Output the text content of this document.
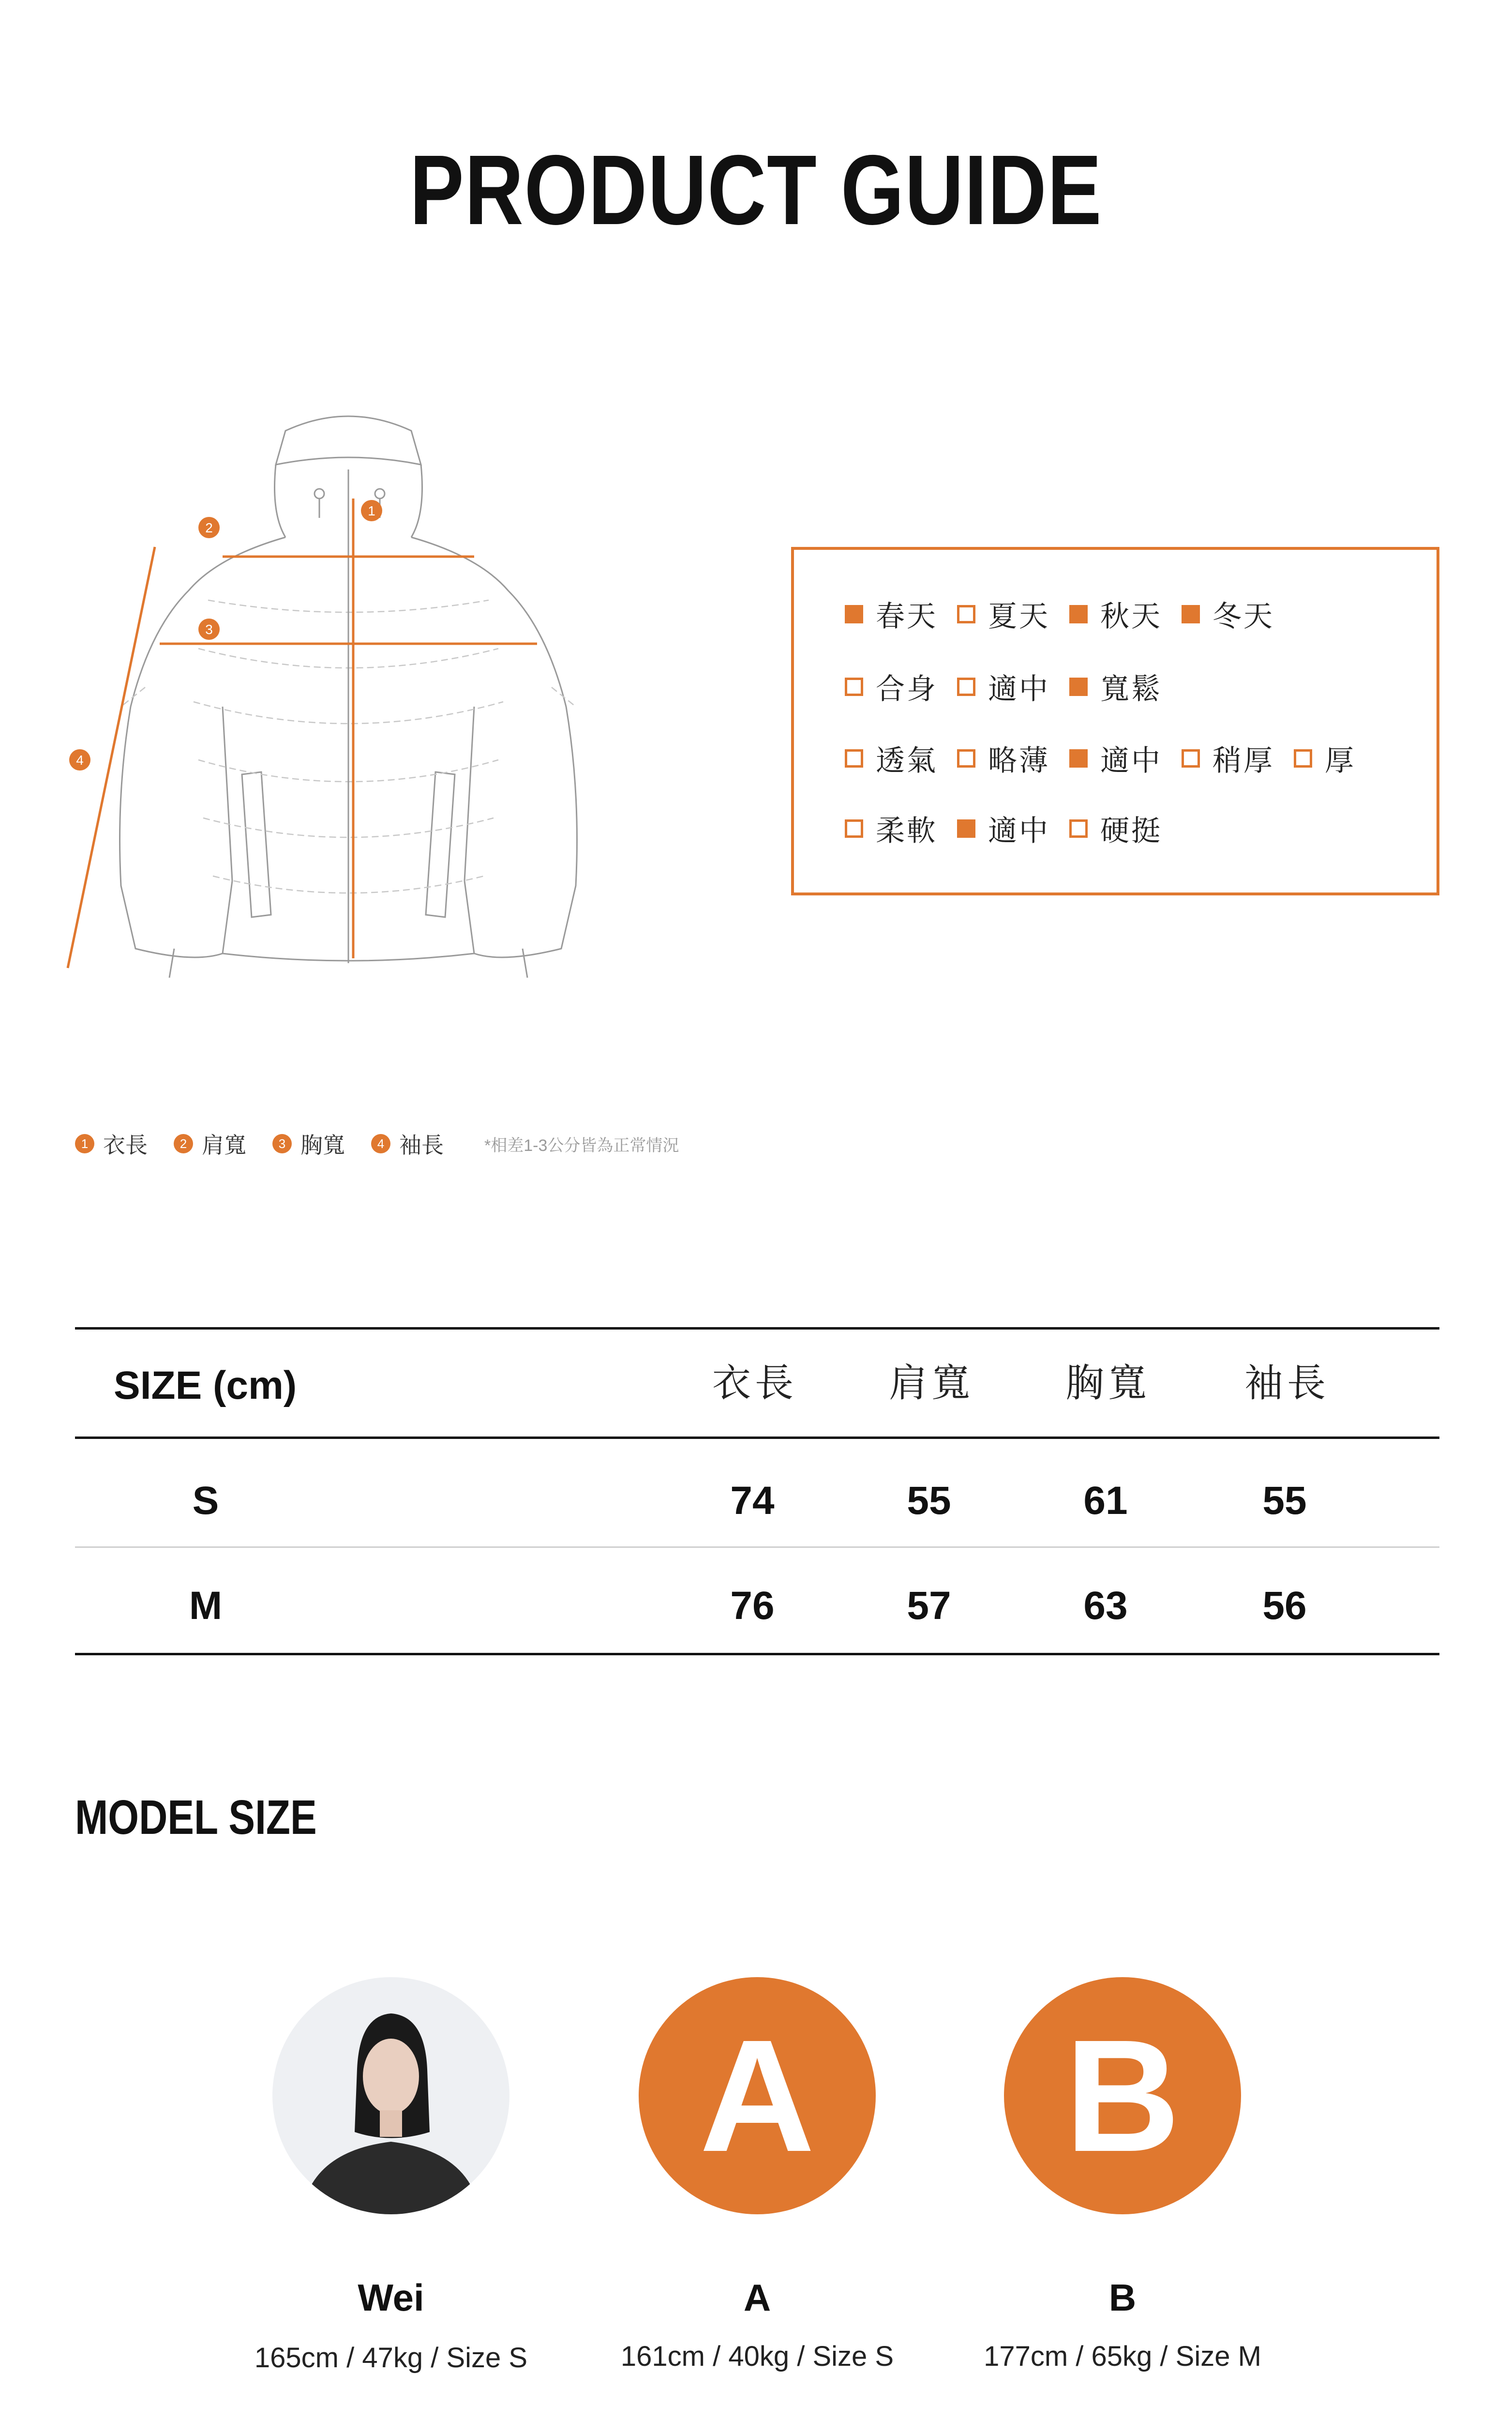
PRODUCT GUIDE
1
2
3
4
春天 夏天 秋天 冬天
合身 適中 寬鬆
透氣 略薄 適中 稍厚 厚
柔軟 適中 硬挺
1 衣長	2 肩寬	3 胸寬	4 袖長 *相差1-3公分皆為正常情況
SIZE (cm)	衣長 肩寬 胸寬 袖長
S	74	55	61	55
M	76	57	63	56
MODEL SIZE
A B
Wei	A	B
165cm / 47kg / Size S	161cm / 40kg / Size S	177cm / 65kg / Size M
